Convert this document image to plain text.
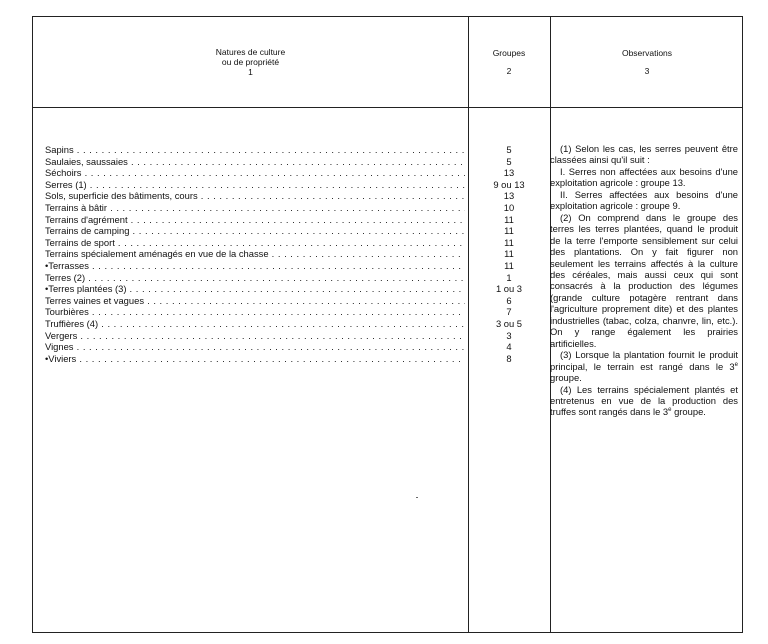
Natures de culture
ou de propriété
1
Groupes
2
Observations
3
Sapins . . .	5
Saulaies, saussaies . . .	5
Séchoirs . . .	13
Serres (1) . . .	9 ou 13
Sols, superficie des bâtiments, cours . . .	13
Terrains à bâtir . . .	10
Terrains d'agrément . . .	11
Terrains de camping . . .	11
Terrains de sport . . .	11
Terrains spécialement aménagés en vue de la chasse . . .	11
•Terrasses . . .	11
Terres (2) . . .	1
•Terres plantées (3) . . .	1 ou 3
Terres vaines et vagues . . .	6
Tourbières . . .	7
Truffières (4) . . .	3 ou 5
Vergers . . .	3
Vignes . . .	4
•Viviers . . .	8

(1) Selon les cas, les serres peuvent être classées ainsi qu'il suit :

I. Serres non affectées aux besoins d'une exploitation agricole : groupe 13.

II. Serres affectées aux besoins d'une exploitation agricole : groupe 9.

(2) On comprend dans le groupe des terres les terres plantées, quand le produit de la terre l'emporte sensiblement sur celui des plantations. On y fait figurer non seulement les terrains affectés à la culture des céréales, mais aussi ceux qui sont consacrés à la production des légumes (grande culture potagère rentrant dans l'agriculture proprement dite) et des plantes industrielles (tabac, colza, chanvre, lin, etc.). On y range également les prairies artificielles.

(3) Lorsque la plantation fournit le produit principal, le terrain est rangé dans le 3e groupe.

(4) Les terrains spécialement plantés et entretenus en vue de la production des truffes sont rangés dans le 3e groupe.
